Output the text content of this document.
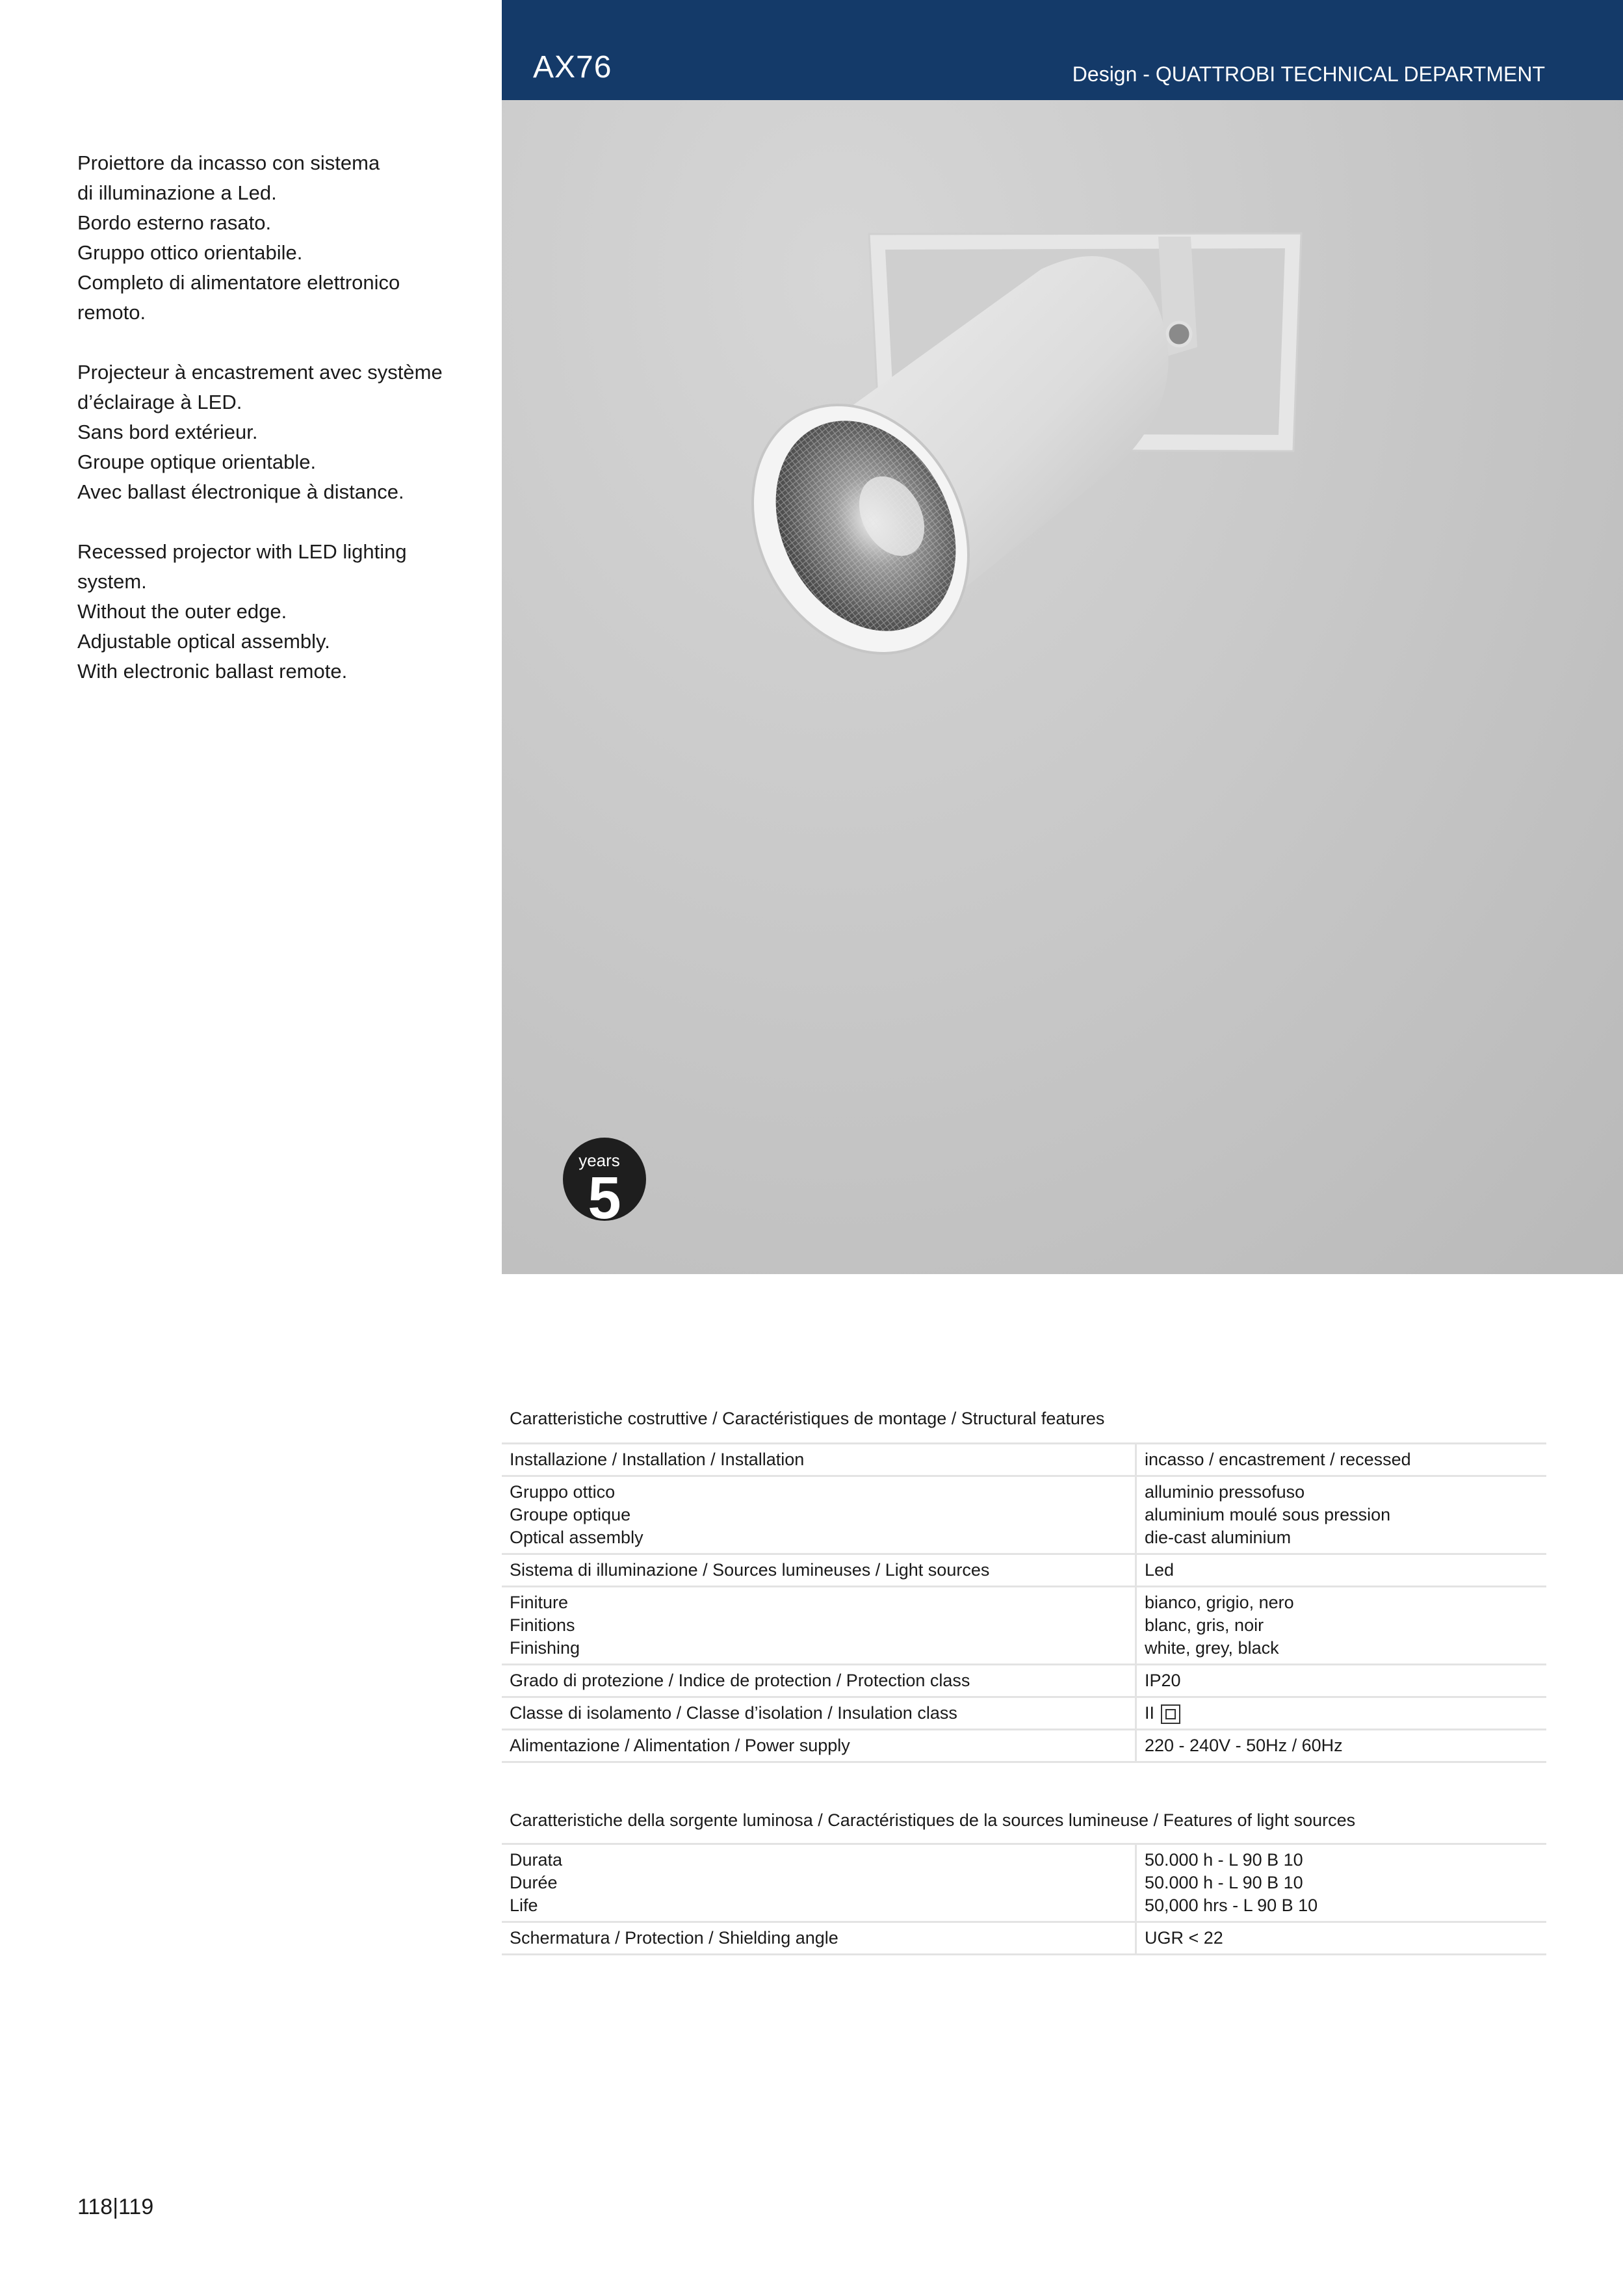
AX76	Design - QUATTROBI TECHNICAL DEPARTMENT
Proiettore da incasso con sistema
di illuminazione a Led.
Bordo esterno rasato.
Gruppo ottico orientabile.
Completo di alimentatore elettronico
remoto.
Projecteur à encastrement avec système
d’éclairage à LED.
Sans bord extérieur.
Groupe optique orientable.
Avec ballast électronique à distance.
Recessed projector with LED lighting
system.
Without the outer edge.
Adjustable optical assembly.
With electronic ballast remote.
years
5
Caratteristiche costruttive / Caractéristiques de montage / Structural features
Installazione / Installation / Installation	incasso / encastrement / recessed

Gruppo ottico
Groupe optique
Optical assembly	alluminio pressofuso
aluminium moulé sous pression
die-cast aluminium

Sistema di illuminazione / Sources lumineuses / Light sources	Led

Finiture
Finitions
Finishing	bianco, grigio, nero
blanc, gris, noir
white, grey, black

Grado di protezione / Indice de protection / Protection class	IP20

Classe di isolamento / Classe d’isolation / Insulation class	II

Alimentazione / Alimentation / Power supply	220 - 240V - 50Hz / 60Hz
Caratteristiche della sorgente luminosa / Caractéristiques de la sources lumineuse / Features of light sources
Durata
Durée
Life	50.000 h - L 90 B 10
50.000 h - L 90 B 10
50,000 hrs - L 90 B 10

Schermatura / Protection / Shielding angle	UGR < 22
118|119
